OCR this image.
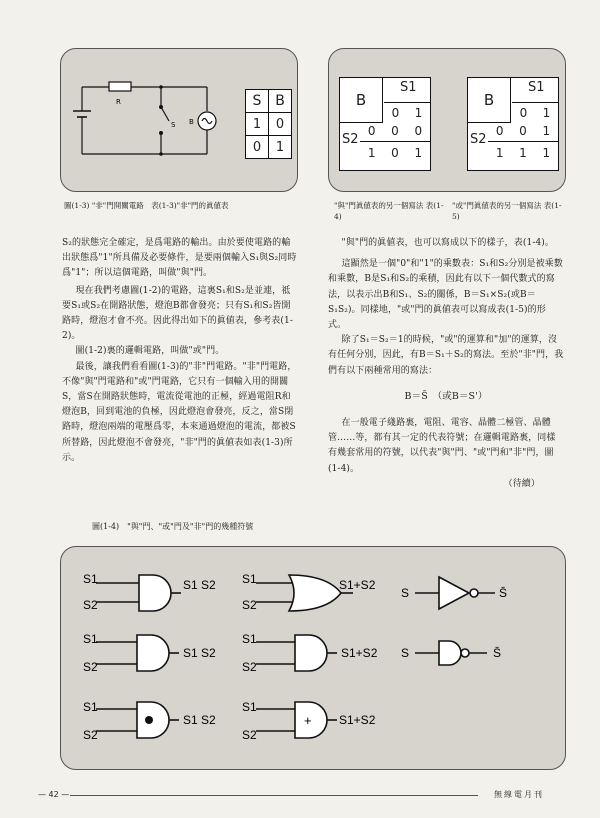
R
S B
S	B
1	0
0	1
圖(1-3) "非"門開關電路　表(1-3)"非"門的眞値表
B
S1
0 1
S2
0 0 0
1 0 1
B
S1
0 1
S2
0 0 1
1 1 1
"與"門眞値表的另一個寫法 表(1-4)
"或"門眞値表的另一個寫法 表(1-5)

S₂的狀態完全確定，是爲電路的輸出。由於要使電路的輸出狀態爲"1"所具備及必要條件，是要兩個輸入S₁與S₂同時爲"1"；所以這個電路，叫做"與"門。

現在我們考慮圖(1-2)的電路，這裏S₁和S₂是並連，祗要S₁或S₂在開路狀態，燈泡B都會發亮；只有S₁和S₂皆開路時，燈泡才會不亮。因此得出如下的眞値表，參考表(1-2)。

圖(1-2)裏的邏輯電路，叫做"或"門。

最後，讓我們看看圖(1-3)的"非"門電路。"非"門電路，不像"與"門電路和"或"門電路，它只有一個輸入用的開關S，當S在開路狀態時，電流從電池的正極，經過電阻R和燈泡B，回到電池的負極，因此燈泡會發亮，反之，當S閉路時，燈泡兩端的電壓爲零，本來通過燈泡的電流，都被S所替路，因此燈泡不會發亮，"非"門的眞値表如表(1-3)所示。

"與"門的眞値表，也可以寫成以下的樣子，表(1-4)。

這顯然是一個"0"和"1"的乘數表：S₁和S₂分別是被乘數和乘數，B是S₁和S₂的乘積，因此有以下一個代數式的寫法，以表示出B和S₁、S₂的關係，B＝S₁×S₂(或B＝S₁S₂)。同樣地，"或"門的眞値表可以寫成表(1-5)的形式。

除了S₁＝S₂＝1的時候，"或"的運算和"加"的運算，沒有任何分別，因此，有B＝S₁＋S₂的寫法。至於"非"門，我們有以下兩種常用的寫法：

B＝S̄　（或B＝S'）

在一般電子綫路裏，電阻、電容、晶體二極管、晶體管……等，都有其一定的代表符號；在邏輯電路裏，同樣有幾套常用的符號，以代表"與"門、"或"門和"非"門，圖(1-4)。

（待續）

圖(1-4)　"與"門、"或"門及"非"門的幾種符號
S1
S2
S1 S2 S1
S2
S1+S2
S	S̄
S1
S2
S1 S2
S1
S2
S1+S2 S	S̄
S1
S2
S1 S2
S1
S2
+ S1+S2
— 42 —	無線電月刊
